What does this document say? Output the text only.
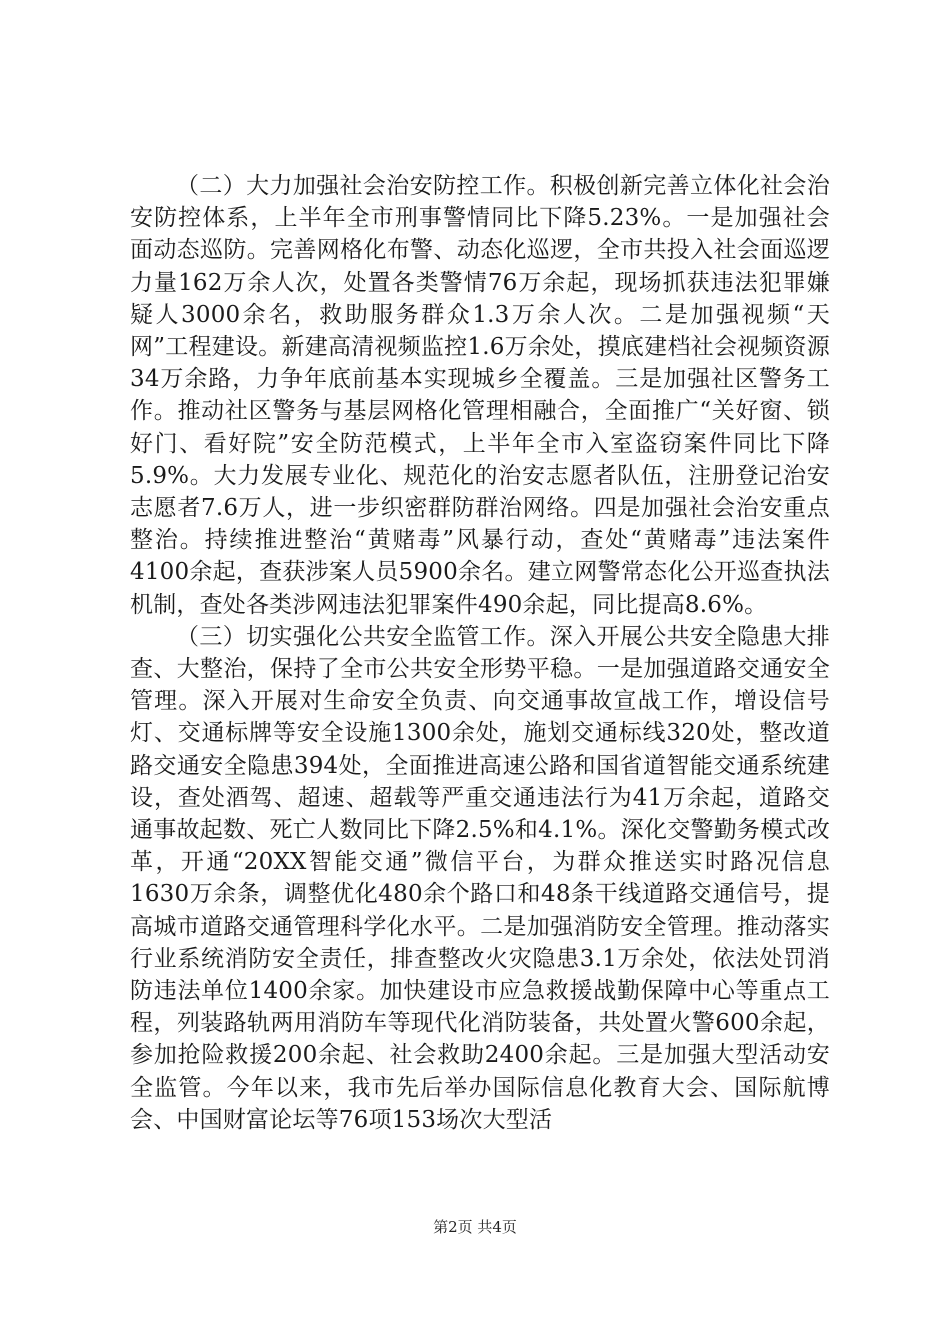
（二）大力加强社会治安防控工作。积极创新完善立体化社会治安防控体系，上半年全市刑事警情同比下降5.23%。一是加强社会面动态巡防。完善网格化布警、动态化巡逻，全市共投入社会面巡逻力量162万余人次，处置各类警情76万余起，现场抓获违法犯罪嫌疑人3000余名，救助服务群众1.3万余人次。二是加强视频“天网”工程建设。新建高清视频监控1.6万余处，摸底建档社会视频资源34万余路，力争年底前基本实现城乡全覆盖。三是加强社区警务工作。推动社区警务与基层网格化管理相融合，全面推广“关好窗、锁好门、看好院”安全防范模式，上半年全市入室盗窃案件同比下降5.9%。大力发展专业化、规范化的治安志愿者队伍，注册登记治安志愿者7.6万人，进一步织密群防群治网络。四是加强社会治安重点整治。持续推进整治“黄赌毒”风暴行动，查处“黄赌毒”违法案件4100余起，查获涉案人员5900余名。建立网警常态化公开巡查执法机制，查处各类涉网违法犯罪案件490余起，同比提高8.6%。

（三）切实强化公共安全监管工作。深入开展公共安全隐患大排查、大整治，保持了全市公共安全形势平稳。一是加强道路交通安全管理。深入开展对生命安全负责、向交通事故宣战工作，增设信号灯、交通标牌等安全设施1300余处，施划交通标线320处，整改道路交通安全隐患394处，全面推进高速公路和国省道智能交通系统建设，查处酒驾、超速、超载等严重交通违法行为41万余起，道路交通事故起数、死亡人数同比下降2.5%和4.1%。深化交警勤务模式改革，开通“20XX智能交通”微信平台，为群众推送实时路况信息1630万余条，调整优化480余个路口和48条干线道路交通信号，提高城市道路交通管理科学化水平。二是加强消防安全管理。推动落实行业系统消防安全责任，排查整改火灾隐患3.1万余处，依法处罚消防违法单位1400余家。加快建设市应急救援战勤保障中心等重点工程，列装路轨两用消防车等现代化消防装备，共处置火警600余起，参加抢险救援200余起、社会救助2400余起。三是加强大型活动安全监管。今年以来，我市先后举办国际信息化教育大会、国际航博会、中国财富论坛等76项153场次大型活

第2页 共4页
